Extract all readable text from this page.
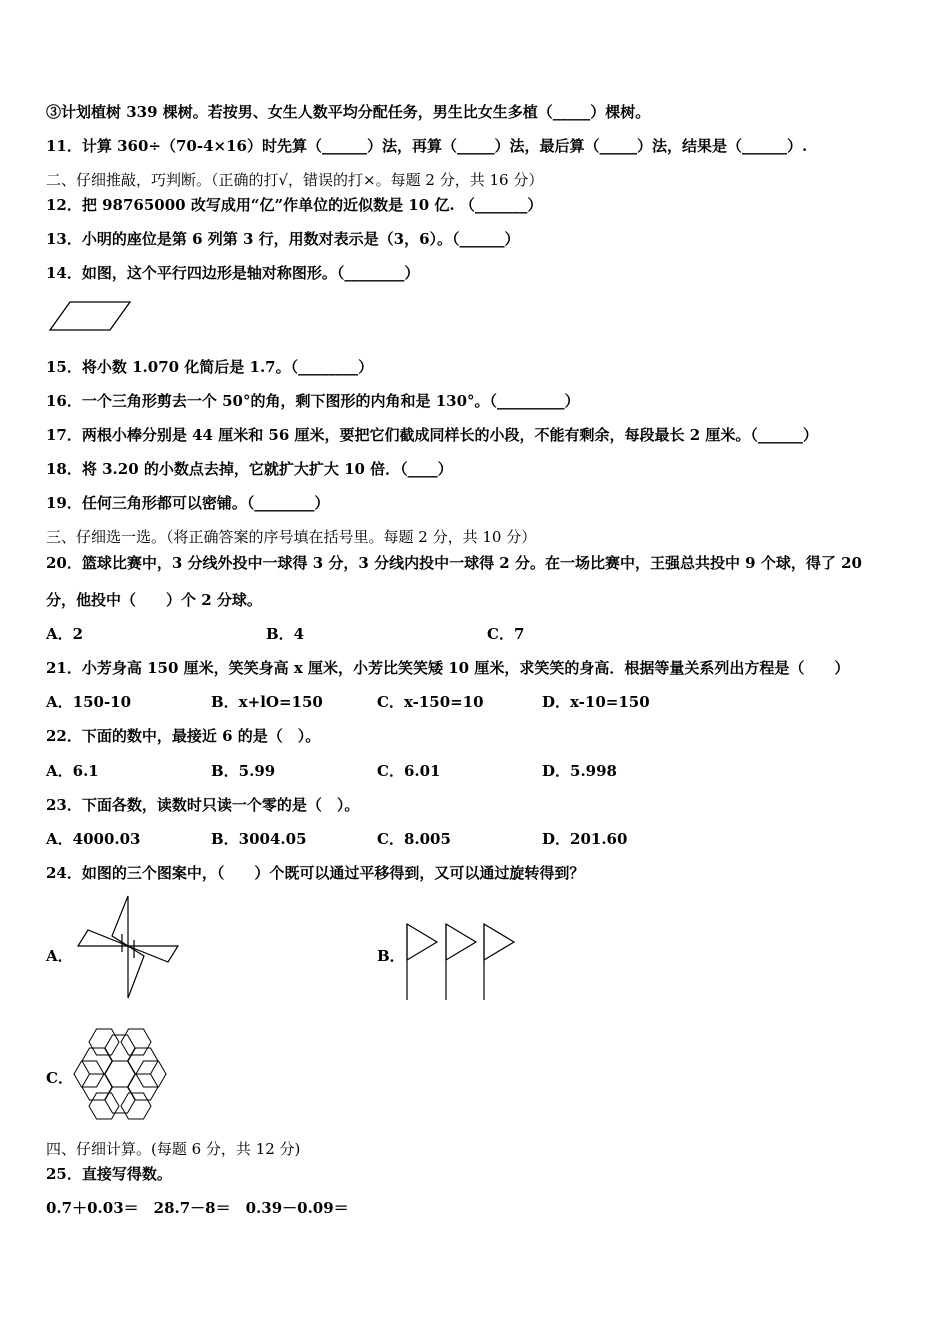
③计划植树 339 棵树。若按男、女生人数平均分配任务，男生比女生多植（_____）棵树。
11．计算 360÷（70-4×16）时先算（______）法，再算（_____）法，最后算（_____）法，结果是（______）.
二、仔细推敲，巧判断。（正确的打√，错误的打×。每题 2 分，共 16 分）
12．把 98765000 改写成用“亿”作单位的近似数是 10 亿. （_______）
13．小明的座位是第 6 列第 3 行，用数对表示是（3，6）。（______）
14．如图，这个平行四边形是轴对称图形。（________）
15．将小数 1.070 化简后是 1.7。（________）
16．一个三角形剪去一个 50°的角，剩下图形的内角和是 130°。（_________）
17．两根小棒分别是 44 厘米和 56 厘米，要把它们截成同样长的小段，不能有剩余，每段最长 2 厘米。（______）
18．将 3.20 的小数点去掉，它就扩大扩大 10 倍．（____）
19．任何三角形都可以密铺。（________）
三、仔细选一选。（将正确答案的序号填在括号里。每题 2 分，共 10 分）
20．篮球比赛中，3 分线外投中一球得 3 分，3 分线内投中一球得 2 分。在一场比赛中，王强总共投中 9 个球，得了 20
分，他投中（　　）个 2 分球。
A．2	B．4	C．7
21．小芳身高 150 厘米，笑笑身高 x 厘米，小芳比笑笑矮 10 厘米，求笑笑的身高．根据等量关系列出方程是（　　）
A．150-10	B．x+lO=150	C．x-150=10	D．x-10=150
22．下面的数中，最接近 6 的是（　）。
A．6.1	B．5.99	C．6.01	D．5.998
23．下面各数，读数时只读一个零的是（　）。
A．4000.03	B．3004.05	C．8.005	D．201.60
24．如图的三个图案中，（　　）个既可以通过平移得到，又可以通过旋转得到？
A．	B．
C．
四、仔细计算。(每题 6 分，共 12 分)
25．直接写得数。
0.7＋0.03＝　28.7－8＝　0.39－0.09＝
